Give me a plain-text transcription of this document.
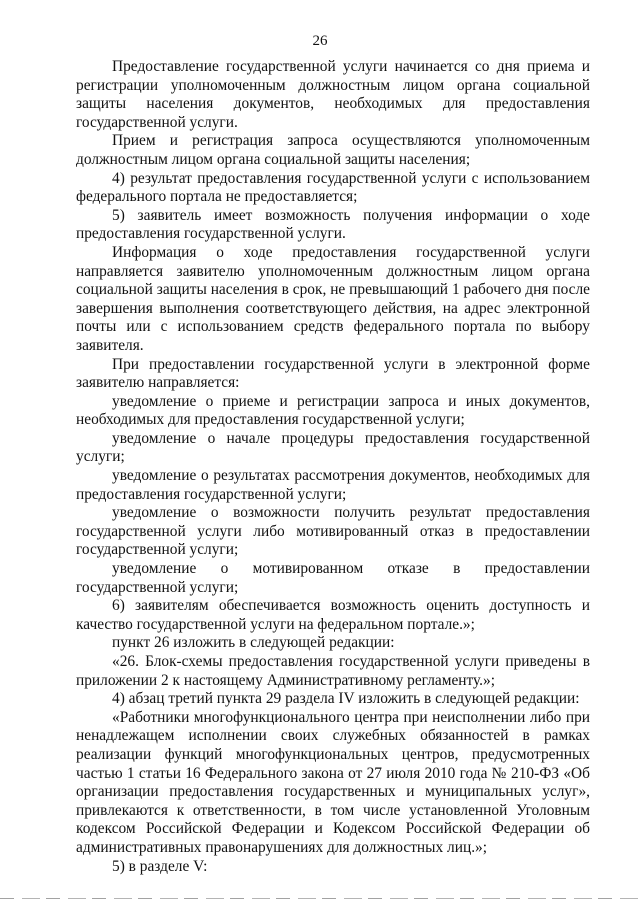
26

Предоставление государственной услуги начинается со дня приема и регистрации уполномоченным должностным лицом органа социальной защиты населения документов, необходимых для предоставления государственной услуги.

Прием и регистрация запроса осуществляются уполномоченным должностным лицом органа социальной защиты населения;

4) результат предоставления государственной услуги с использованием федерального портала не предоставляется;

5) заявитель имеет возможность получения информации о ходе предоставления государственной услуги.

Информация о ходе предоставления государственной услуги направляется заявителю уполномоченным должностным лицом органа социальной защиты населения в срок, не превышающий 1 рабочего дня после завершения выполнения соответствующего действия, на адрес электронной почты или с использованием средств федерального портала по выбору заявителя.

При предоставлении государственной услуги в электронной форме заявителю направляется:

уведомление о приеме и регистрации запроса и иных документов, необходимых для предоставления государственной услуги;

уведомление о начале процедуры предоставления государственной услуги;

уведомление о результатах рассмотрения документов, необходимых для предоставления государственной услуги;

уведомление о возможности получить результат предоставления государственной услуги либо мотивированный отказ в предоставлении государственной услуги;

уведомление о мотивированном отказе в предоставлении государственной услуги;

6) заявителям обеспечивается возможность оценить доступность и качество государственной услуги на федеральном портале.»;

пункт 26 изложить в следующей редакции:

«26. Блок-схемы предоставления государственной услуги приведены в приложении 2 к настоящему Административному регламенту.»;

4) абзац третий пункта 29 раздела IV изложить в следующей редакции:

«Работники многофункционального центра при неисполнении либо при ненадлежащем исполнении своих служебных обязанностей в рамках реализации функций многофункциональных центров, предусмотренных частью 1 статьи 16 Федерального закона от 27 июля 2010 года № 210-ФЗ «Об организации предоставления государственных и муниципальных услуг», привлекаются к ответственности, в том числе установленной Уголовным кодексом Российской Федерации и Кодексом Российской Федерации об административных правонарушениях для должностных лиц.»;

5) в разделе V:
